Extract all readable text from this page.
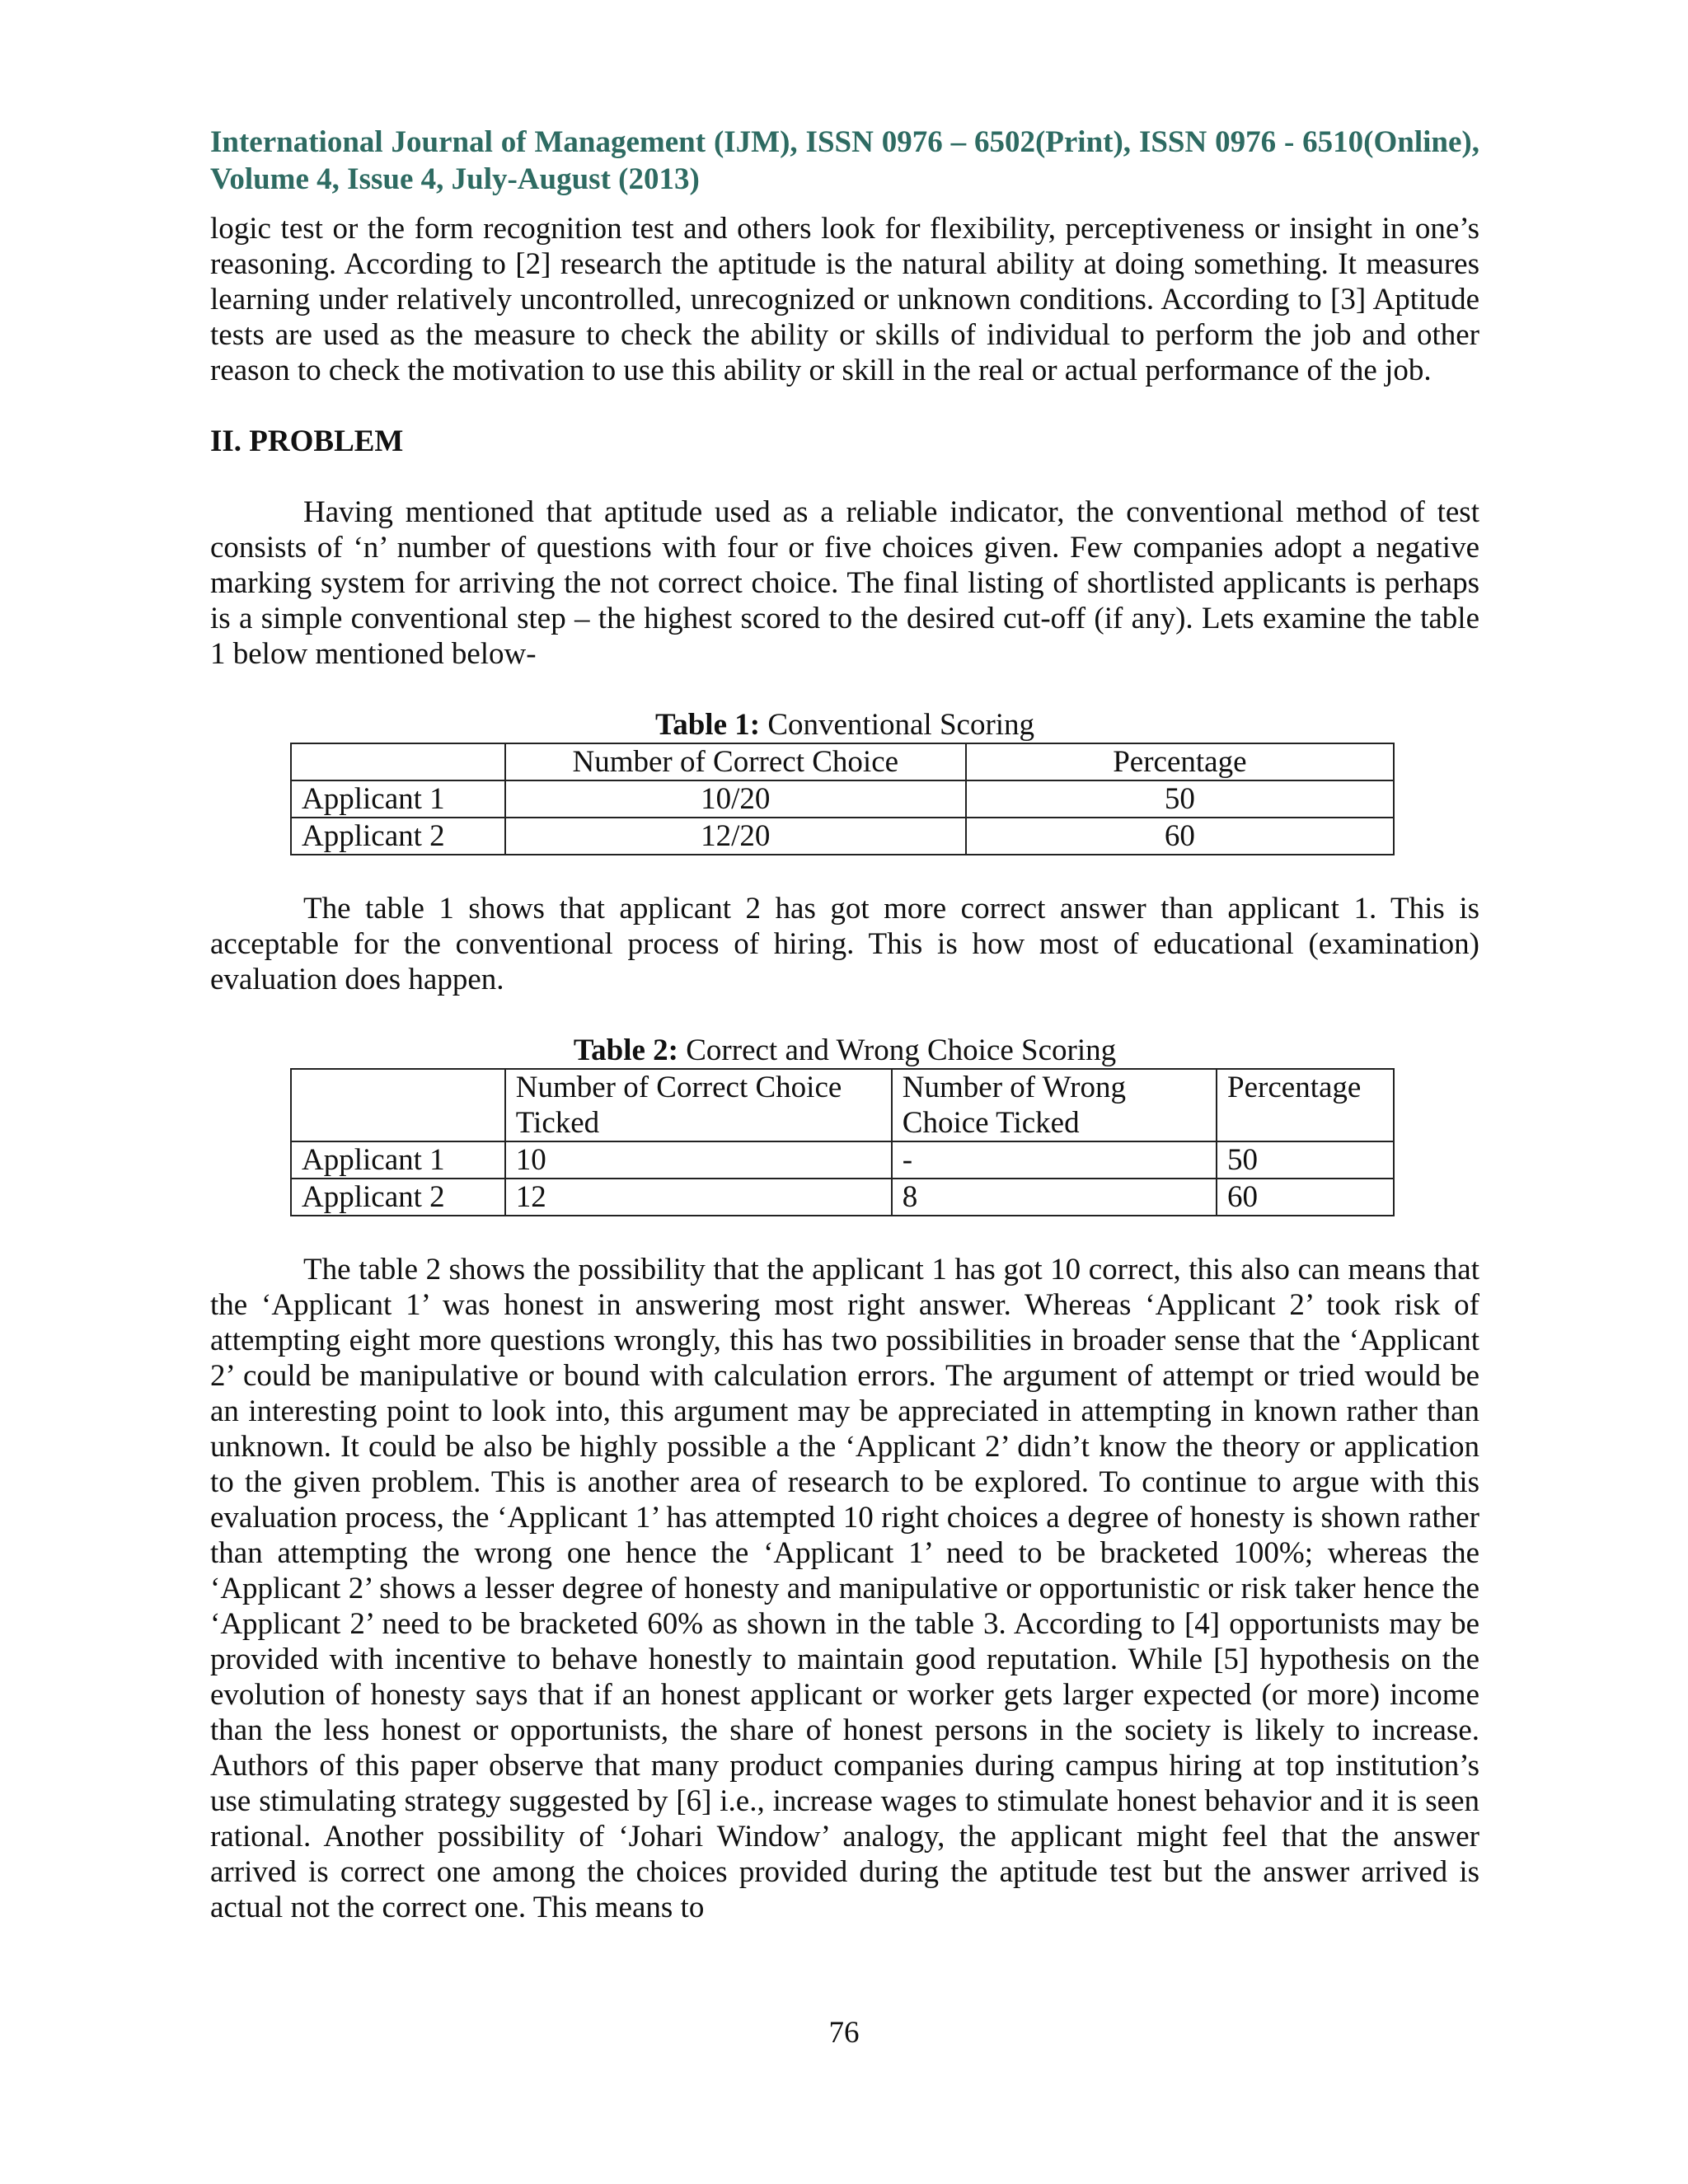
International Journal of Management (IJM), ISSN 0976 – 6502(Print), ISSN 0976 - 6510(Online), Volume 4, Issue 4, July-August (2013)

logic test or the form recognition test and others look for flexibility, perceptiveness or insight in one’s reasoning. According to [2] research the aptitude is the natural ability at doing something. It measures learning under relatively uncontrolled, unrecognized or unknown conditions. According to [3] Aptitude tests are used as the measure to check the ability or skills of individual to perform the job and other reason to check the motivation to use this ability or skill in the real or actual performance of the job.

II. PROBLEM

Having mentioned that aptitude used as a reliable indicator, the conventional method of test consists of ‘n’ number of questions with four or five choices given. Few companies adopt a negative marking system for arriving the not correct choice. The final listing of shortlisted applicants is perhaps is a simple conventional step – the highest scored to the desired cut-off (if any). Lets examine the table 1 below mentioned below-

Table 1: Conventional Scoring
	Number of Correct Choice	Percentage
Applicant 1	10/20	50
Applicant 2	12/20	60

The table 1 shows that applicant 2 has got more correct answer than applicant 1. This is acceptable for the conventional process of hiring. This is how most of educational (examination) evaluation does happen.

Table 2: Correct and Wrong Choice Scoring
	Number of Correct Choice Ticked	Number of Wrong Choice Ticked	Percentage
Applicant 1	10	-	50
Applicant 2	12	8	60

The table 2 shows the possibility that the applicant 1 has got 10 correct, this also can means that the ‘Applicant 1’ was honest in answering most right answer. Whereas ‘Applicant 2’ took risk of attempting eight more questions wrongly, this has two possibilities in broader sense that the ‘Applicant 2’ could be manipulative or bound with calculation errors. The argument of attempt or tried would be an interesting point to look into, this argument may be appreciated in attempting in known rather than unknown. It could be also be highly possible a the ‘Applicant 2’ didn’t know the theory or application to the given problem. This is another area of research to be explored. To continue to argue with this evaluation process, the ‘Applicant 1’ has attempted 10 right choices a degree of honesty is shown rather than attempting the wrong one hence the ‘Applicant 1’ need to be bracketed 100%; whereas the ‘Applicant 2’ shows a lesser degree of honesty and manipulative or opportunistic or risk taker hence the ‘Applicant 2’ need to be bracketed 60% as shown in the table 3. According to [4] opportunists may be provided with incentive to behave honestly to maintain good reputation. While [5] hypothesis on the evolution of honesty says that if an honest applicant or worker gets larger expected (or more) income than the less honest or opportunists, the share of honest persons in the society is likely to increase. Authors of this paper observe that many product companies during campus hiring at top institution’s use stimulating strategy suggested by [6] i.e., increase wages to stimulate honest behavior and it is seen rational. Another possibility of ‘Johari Window’ analogy, the applicant might feel that the answer arrived is correct one among the choices provided during the aptitude test but the answer arrived is actual not the correct one. This means to

76
